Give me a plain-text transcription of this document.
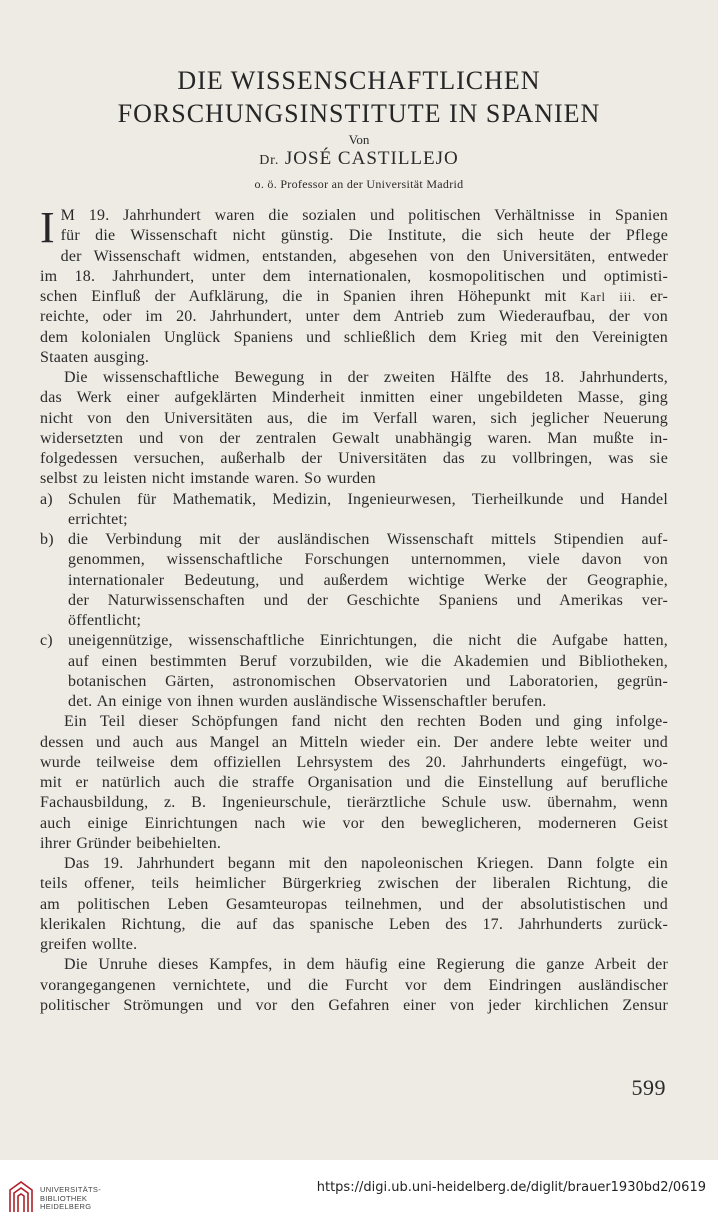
DIE WISSENSCHAFTLICHEN
FORSCHUNGSINSTITUTE IN SPANIEN
Von
Dr. JOSÉ CASTILLEJO
o. ö. Professor an der Universität Madrid
I M 19. Jahrhundert waren die sozialen und politischen Verhältnisse in Spanien
für die Wissenschaft nicht günstig. Die Institute, die sich heute der Pflege
der Wissenschaft widmen, entstanden, abgesehen von den Universitäten, entweder
im 18. Jahrhundert, unter dem internationalen, kosmopolitischen und optimisti-
schen Einfluß der Aufklärung, die in Spanien ihren Höhepunkt mit Karl iii. er-
reichte, oder im 20. Jahrhundert, unter dem Antrieb zum Wiederaufbau, der von
dem kolonialen Unglück Spaniens und schließlich dem Krieg mit den Vereinigten
Staaten ausging.
Die wissenschaftliche Bewegung in der zweiten Hälfte des 18. Jahrhunderts,
das Werk einer aufgeklärten Minderheit inmitten einer ungebildeten Masse, ging
nicht von den Universitäten aus, die im Verfall waren, sich jeglicher Neuerung
widersetzten und von der zentralen Gewalt unabhängig waren. Man mußte in-
folgedessen versuchen, außerhalb der Universitäten das zu vollbringen, was sie
selbst zu leisten nicht imstande waren. So wurden
a) Schulen für Mathematik, Medizin, Ingenieurwesen, Tierheilkunde und Handel
errichtet;
b) die Verbindung mit der ausländischen Wissenschaft mittels Stipendien auf-
genommen, wissenschaftliche Forschungen unternommen, viele davon von
internationaler Bedeutung, und außerdem wichtige Werke der Geographie,
der Naturwissenschaften und der Geschichte Spaniens und Amerikas ver-
öffentlicht;
c) uneigennützige, wissenschaftliche Einrichtungen, die nicht die Aufgabe hatten,
auf einen bestimmten Beruf vorzubilden, wie die Akademien und Bibliotheken,
botanischen Gärten, astronomischen Observatorien und Laboratorien, gegrün-
det. An einige von ihnen wurden ausländische Wissenschaftler berufen.
Ein Teil dieser Schöpfungen fand nicht den rechten Boden und ging infolge-
dessen und auch aus Mangel an Mitteln wieder ein. Der andere lebte weiter und
wurde teilweise dem offiziellen Lehrsystem des 20. Jahrhunderts eingefügt, wo-
mit er natürlich auch die straffe Organisation und die Einstellung auf berufliche
Fachausbildung, z. B. Ingenieurschule, tierärztliche Schule usw. übernahm, wenn
auch einige Einrichtungen nach wie vor den beweglicheren, moderneren Geist
ihrer Gründer beibehielten.
Das 19. Jahrhundert begann mit den napoleonischen Kriegen. Dann folgte ein
teils offener, teils heimlicher Bürgerkrieg zwischen der liberalen Richtung, die
am politischen Leben Gesamteuropas teilnehmen, und der absolutistischen und
klerikalen Richtung, die auf das spanische Leben des 17. Jahrhunderts zurück-
greifen wollte.
Die Unruhe dieses Kampfes, in dem häufig eine Regierung die ganze Arbeit der
vorangegangenen vernichtete, und die Furcht vor dem Eindringen ausländischer
politischer Strömungen und vor den Gefahren einer von jeder kirchlichen Zensur
599
UNIVERSITÄTS-
BIBLIOTHEK
HEIDELBERG
https://digi.ub.uni-heidelberg.de/diglit/brauer1930bd2/0619
